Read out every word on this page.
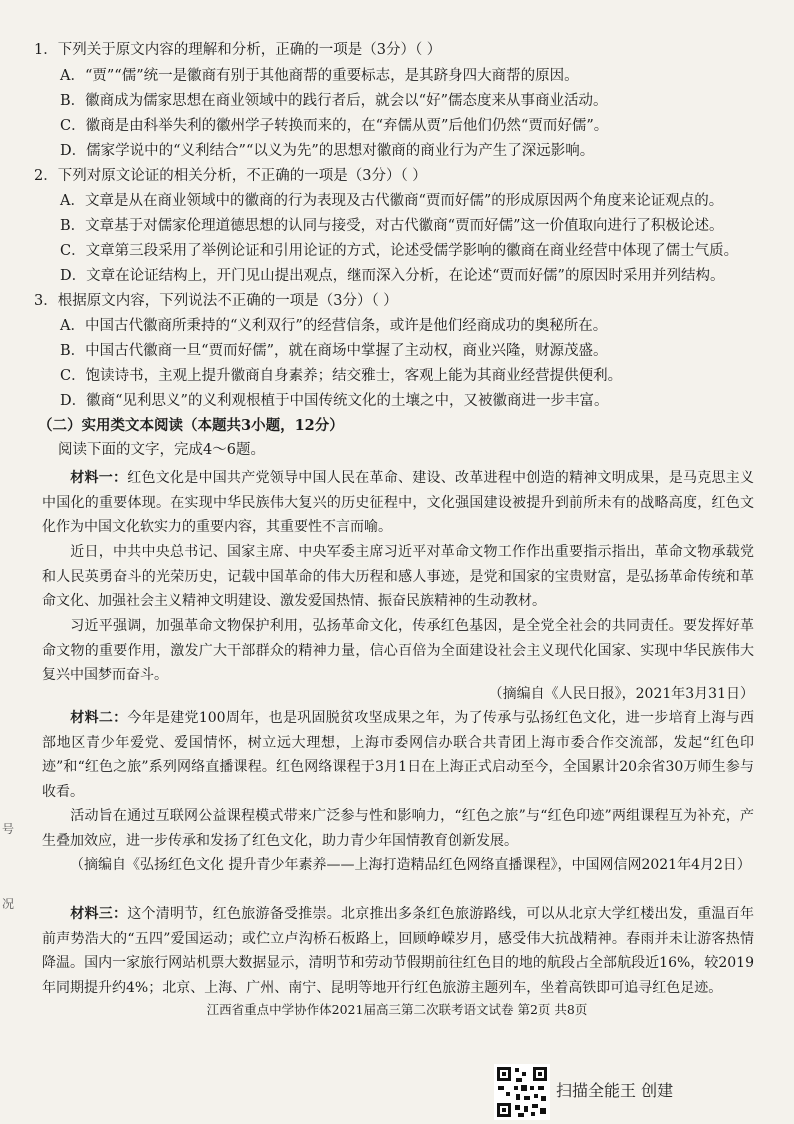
1．下列关于原文内容的理解和分析，正确的一项是（3分）（ ）
A．“贾”“儒”统一是徽商有别于其他商帮的重要标志，是其跻身四大商帮的原因。
B．徽商成为儒家思想在商业领域中的践行者后，就会以“好”儒态度来从事商业活动。
C．徽商是由科举失利的徽州学子转换而来的，在“弃儒从贾”后他们仍然“贾而好儒”。
D．儒家学说中的“义利结合”“以义为先”的思想对徽商的商业行为产生了深远影响。
2．下列对原文论证的相关分析，不正确的一项是（3分）（ ）
A．文章是从在商业领域中的徽商的行为表现及古代徽商“贾而好儒”的形成原因两个角度来论证观点的。
B．文章基于对儒家伦理道德思想的认同与接受，对古代徽商“贾而好儒”这一价值取向进行了积极论述。
C．文章第三段采用了举例论证和引用论证的方式，论述受儒学影响的徽商在商业经营中体现了儒士气质。
D．文章在论证结构上，开门见山提出观点，继而深入分析，在论述“贾而好儒”的原因时采用并列结构。
3．根据原文内容，下列说法不正确的一项是（3分）（ ）
A．中国古代徽商所秉持的“义利双行”的经营信条，或许是他们经商成功的奥秘所在。
B．中国古代徽商一旦“贾而好儒”，就在商场中掌握了主动权，商业兴隆，财源茂盛。
C．饱读诗书，主观上提升徽商自身素养；结交雅士，客观上能为其商业经营提供便利。
D．徽商“见利思义”的义利观根植于中国传统文化的土壤之中，又被徽商进一步丰富。
（二）实用类文本阅读（本题共3小题，12分）
阅读下面的文字，完成4～6题。
材料一：红色文化是中国共产党领导中国人民在革命、建设、改革进程中创造的精神文明成果，是马克思主义中国化的重要体现。在实现中华民族伟大复兴的历史征程中，文化强国建设被提升到前所未有的战略高度，红色文化作为中国文化软实力的重要内容，其重要性不言而喻。
近日，中共中央总书记、国家主席、中央军委主席习近平对革命文物工作作出重要指示指出，革命文物承载党和人民英勇奋斗的光荣历史，记载中国革命的伟大历程和感人事迹，是党和国家的宝贵财富，是弘扬革命传统和革命文化、加强社会主义精神文明建设、激发爱国热情、振奋民族精神的生动教材。
习近平强调，加强革命文物保护利用，弘扬革命文化，传承红色基因，是全党全社会的共同责任。要发挥好革命文物的重要作用，激发广大干部群众的精神力量，信心百倍为全面建设社会主义现代化国家、实现中华民族伟大复兴中国梦而奋斗。
（摘编自《人民日报》，2021年3月31日）
材料二：今年是建党100周年，也是巩固脱贫攻坚成果之年，为了传承与弘扬红色文化，进一步培育上海与西部地区青少年爱党、爱国情怀，树立远大理想，上海市委网信办联合共青团上海市委合作交流部，发起“红色印迹”和“红色之旅”系列网络直播课程。红色网络课程于3月1日在上海正式启动至今，全国累计20余省30万师生参与收看。
活动旨在通过互联网公益课程模式带来广泛参与性和影响力，“红色之旅”与“红色印迹”两组课程互为补充，产生叠加效应，进一步传承和发扬了红色文化，助力青少年国情教育创新发展。
（摘编自《弘扬红色文化 提升青少年素养——上海打造精品红色网络直播课程》，中国网信网2021年4月2日）
材料三：这个清明节，红色旅游备受推崇。北京推出多条红色旅游路线，可以从北京大学红楼出发，重温百年前声势浩大的“五四”爱国运动；或伫立卢沟桥石板路上，回顾峥嵘岁月，感受伟大抗战精神。春雨并未让游客热情降温。国内一家旅行网站机票大数据显示，清明节和劳动节假期前往红色目的地的航段占全部航段近16%，较2019年同期提升约4%；北京、上海、广州、南宁、昆明等地开行红色旅游主题列车，坐着高铁即可追寻红色足迹。
江西省重点中学协作体2021届高三第二次联考语文试卷 第2页 共8页
号
况
扫描全能王 创建
